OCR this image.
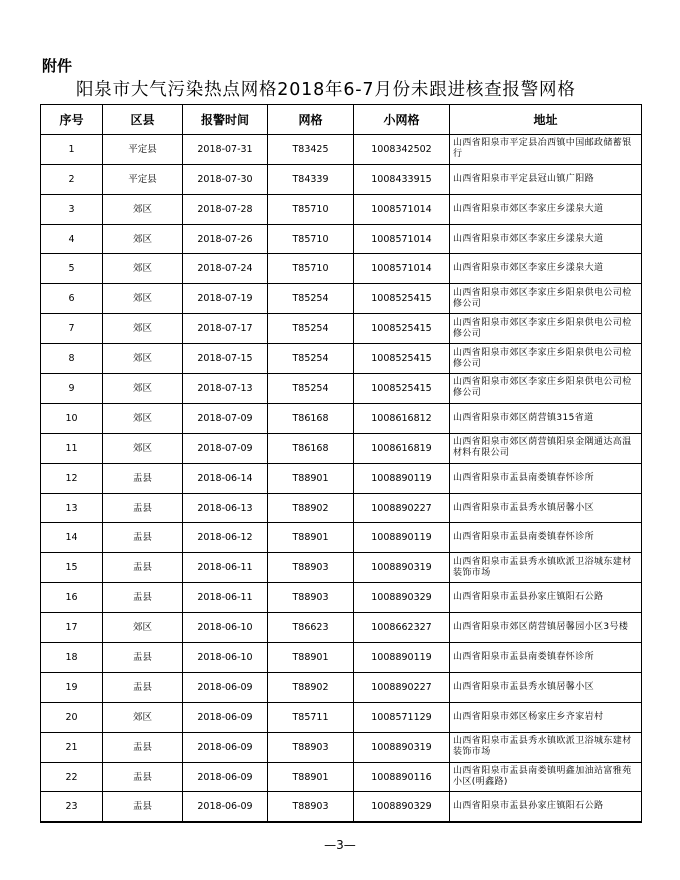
附件
阳泉市大气污染热点网格2018年6-7月份未跟进核查报警网格
序号	区县	报警时间	网格	小网格	地址
1	平定县	2018-07-31	T83425	1008342502	山西省阳泉市平定县冶西镇中国邮政储蓄银行
2	平定县	2018-07-30	T84339	1008433915	山西省阳泉市平定县冠山镇广阳路
3	郊区	2018-07-28	T85710	1008571014	山西省阳泉市郊区李家庄乡漾泉大道
4	郊区	2018-07-26	T85710	1008571014	山西省阳泉市郊区李家庄乡漾泉大道
5	郊区	2018-07-24	T85710	1008571014	山西省阳泉市郊区李家庄乡漾泉大道
6	郊区	2018-07-19	T85254	1008525415	山西省阳泉市郊区李家庄乡阳泉供电公司检修公司
7	郊区	2018-07-17	T85254	1008525415	山西省阳泉市郊区李家庄乡阳泉供电公司检修公司
8	郊区	2018-07-15	T85254	1008525415	山西省阳泉市郊区李家庄乡阳泉供电公司检修公司
9	郊区	2018-07-13	T85254	1008525415	山西省阳泉市郊区李家庄乡阳泉供电公司检修公司
10	郊区	2018-07-09	T86168	1008616812	山西省阳泉市郊区荫营镇315省道
11	郊区	2018-07-09	T86168	1008616819	山西省阳泉市郊区荫营镇阳泉金隅通达高温材料有限公司
12	盂县	2018-06-14	T88901	1008890119	山西省阳泉市盂县南娄镇春怀诊所
13	盂县	2018-06-13	T88902	1008890227	山西省阳泉市盂县秀水镇居馨小区
14	盂县	2018-06-12	T88901	1008890119	山西省阳泉市盂县南娄镇春怀诊所
15	盂县	2018-06-11	T88903	1008890319	山西省阳泉市盂县秀水镇欧派卫浴城东建材装饰市场
16	盂县	2018-06-11	T88903	1008890329	山西省阳泉市盂县孙家庄镇阳石公路
17	郊区	2018-06-10	T86623	1008662327	山西省阳泉市郊区荫营镇居馨园小区3号楼
18	盂县	2018-06-10	T88901	1008890119	山西省阳泉市盂县南娄镇春怀诊所
19	盂县	2018-06-09	T88902	1008890227	山西省阳泉市盂县秀水镇居馨小区
20	郊区	2018-06-09	T85711	1008571129	山西省阳泉市郊区杨家庄乡齐家岩村
21	盂县	2018-06-09	T88903	1008890319	山西省阳泉市盂县秀水镇欧派卫浴城东建材装饰市场
22	盂县	2018-06-09	T88901	1008890116	山西省阳泉市盂县南娄镇明鑫加油站富雅苑小区(明鑫路)
23	盂县	2018-06-09	T88903	1008890329	山西省阳泉市盂县孙家庄镇阳石公路
—3—
